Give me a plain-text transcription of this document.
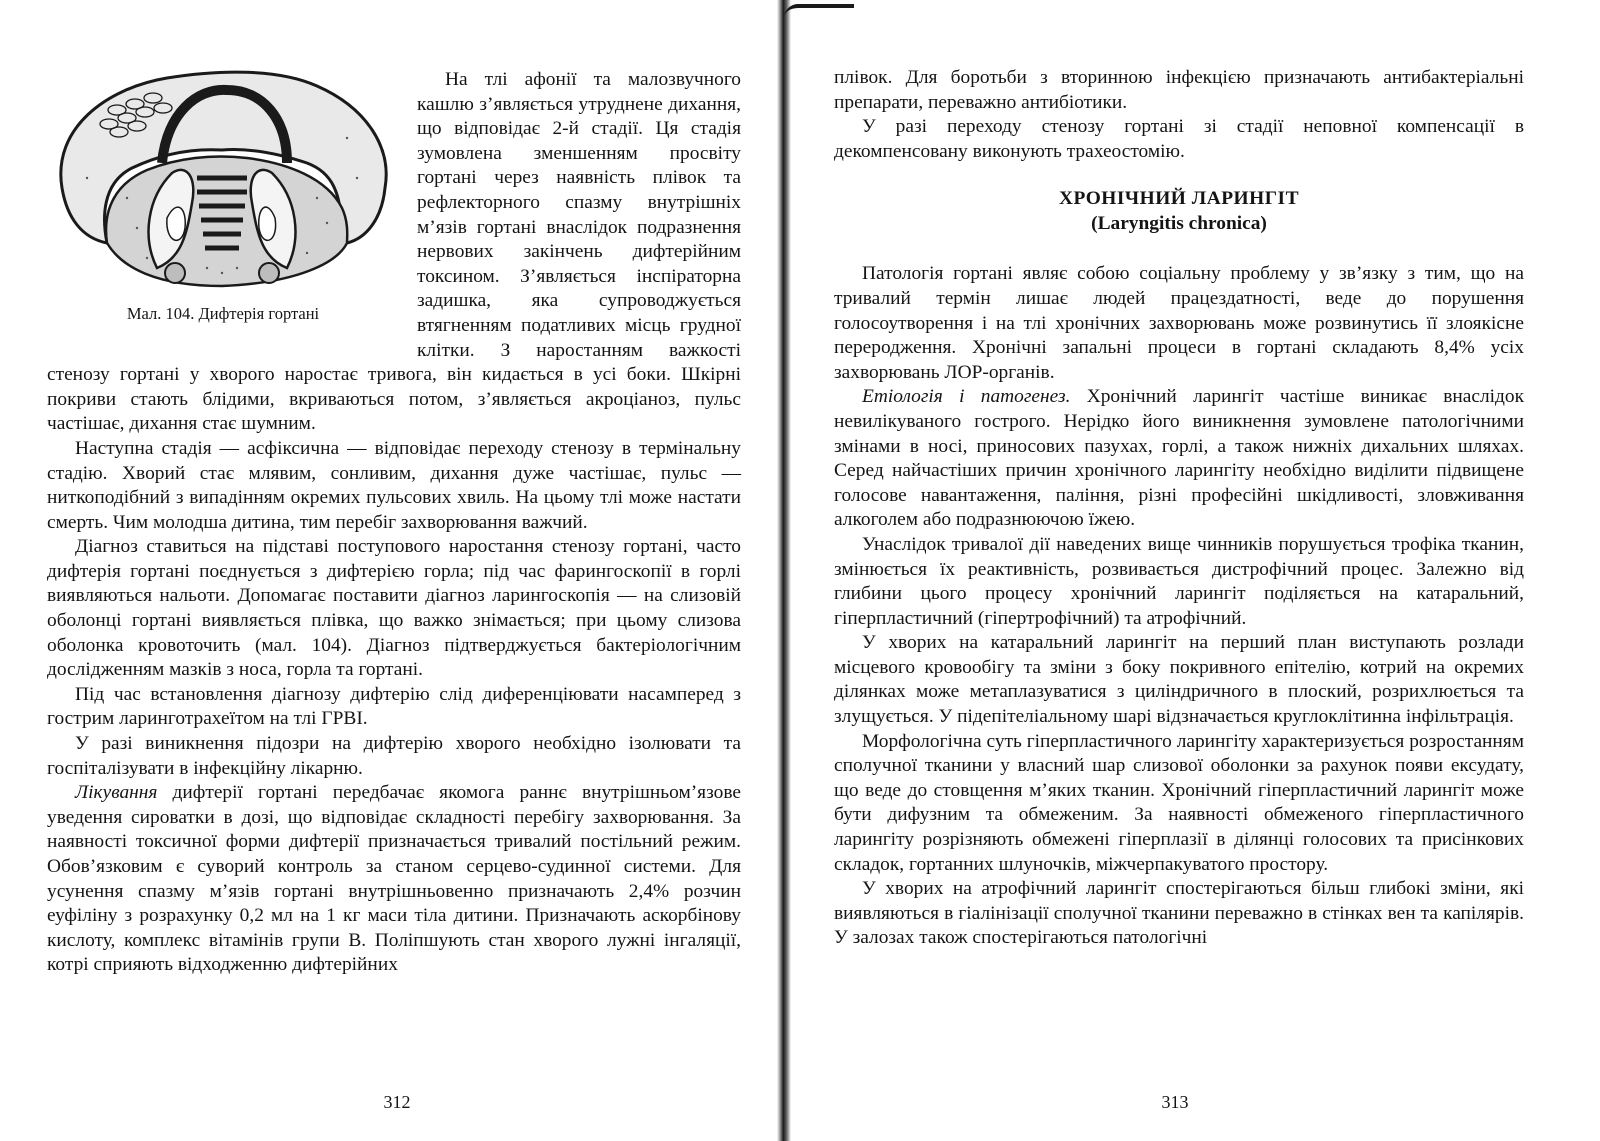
Мал. 104. Дифтерія гортані

На тлі афонії та малозвучного кашлю з’являється утруднене дихання, що відповідає 2-й стадії. Ця стадія зумовлена зменшенням просвіту гортані через наявність плівок та рефлекторного спазму внутрішніх м’язів гортані внаслідок подразнення нервових закінчень дифтерійним токсином. З’являється інспіраторна задишка, яка супроводжується втягненням податливих місць грудної клітки. З наростанням важкості стенозу гортані у хворого наростає тривога, він кидається в усі боки. Шкірні покриви стають блідими, вкриваються потом, з’являється акроціаноз, пульс частішає, дихання стає шумним.

Наступна стадія — асфіксична — відповідає переходу стенозу в термінальну стадію. Хворий стає млявим, сонливим, дихання дуже частішає, пульс — ниткоподібний з випадінням окремих пульсових хвиль. На цьому тлі може настати смерть. Чим молодша дитина, тим перебіг захворювання важчий.

Діагноз ставиться на підставі поступового наростання стенозу гортані, часто дифтерія гортані поєднується з дифтерією горла; під час фарингоскопії в горлі виявляються нальоти. Допомагає поставити діагноз ларингоскопія — на слизовій оболонці гортані виявляється плівка, що важко знімається; при цьому слизова оболонка кровоточить (мал. 104). Діагноз підтверджується бактеріологічним дослідженням мазків з носа, горла та гортані.

Під час встановлення діагнозу дифтерію слід диференціювати насамперед з гострим ларинготрахеїтом на тлі ГРВІ.

У разі виникнення підозри на дифтерію хворого необхідно ізолювати та госпіталізувати в інфекційну лікарню.

Лікування дифтерії гортані передбачає якомога раннє внутрішньом’язове уведення сироватки в дозі, що відповідає складності перебігу захворювання. За наявності токсичної форми дифтерії призначається тривалий постільний режим. Обов’язковим є суворий контроль за станом серцево-судинної системи. Для усунення спазму м’язів гортані внутрішньовенно призначають 2,4% розчин еуфіліну з розрахунку 0,2 мл на 1 кг маси тіла дитини. Призначають аскорбінову кислоту, комплекс вітамінів групи В. Поліпшують стан хворого лужні інгаляції, котрі сприяють відходженню дифтерійних

312

плівок. Для боротьби з вторинною інфекцією призначають антибактеріальні препарати, переважно антибіотики.

У разі переходу стенозу гортані зі стадії неповної компенсації в декомпенсовану виконують трахеостомію.

ХРОНІЧНИЙ ЛАРИНГІТ
(Laryngitis chronica)

Патологія гортані являє собою соціальну проблему у зв’язку з тим, що на тривалий термін лишає людей працездатності, веде до порушення голосоутворення і на тлі хронічних захворювань може розвинутись її злоякісне переродження. Хронічні запальні процеси в гортані складають 8,4% усіх захворювань ЛОР-органів.

Етіологія і патогенез. Хронічний ларингіт частіше виникає внаслідок невилікуваного гострого. Нерідко його виникнення зумовлене патологічними змінами в носі, приносових пазухах, горлі, а також нижніх дихальних шляхах. Серед найчастіших причин хронічного ларингіту необхідно виділити підвищене голосове навантаження, паління, різні професійні шкідливості, зловживання алкоголем або подразнюючою їжею.

Унаслідок тривалої дії наведених вище чинників порушується трофіка тканин, змінюється їх реактивність, розвивається дистрофічний процес. Залежно від глибини цього процесу хронічний ларингіт поділяється на катаральний, гіперпластичний (гіпертрофічний) та атрофічний.

У хворих на катаральний ларингіт на перший план виступають розлади місцевого кровообігу та зміни з боку покривного епітелію, котрий на окремих ділянках може метаплазуватися з циліндричного в плоский, розрихлюється та злущується. У підепітеліальному шарі відзначається круглоклітинна інфільтрація.

Морфологічна суть гіперпластичного ларингіту характеризується розростанням сполучної тканини у власний шар слизової оболонки за рахунок появи ексудату, що веде до стовщення м’яких тканин. Хронічний гіперпластичний ларингіт може бути дифузним та обмеженим. За наявності обмеженого гіперпластичного ларингіту розрізняють обмежені гіперплазії в ділянці голосових та присінкових складок, гортанних шлуночків, міжчерпакуватого простору.

У хворих на атрофічний ларингіт спостерігаються більш глибокі зміни, які виявляються в гіалінізації сполучної тканини переважно в стінках вен та капілярів. У залозах також спостерігаються патологічні

313
